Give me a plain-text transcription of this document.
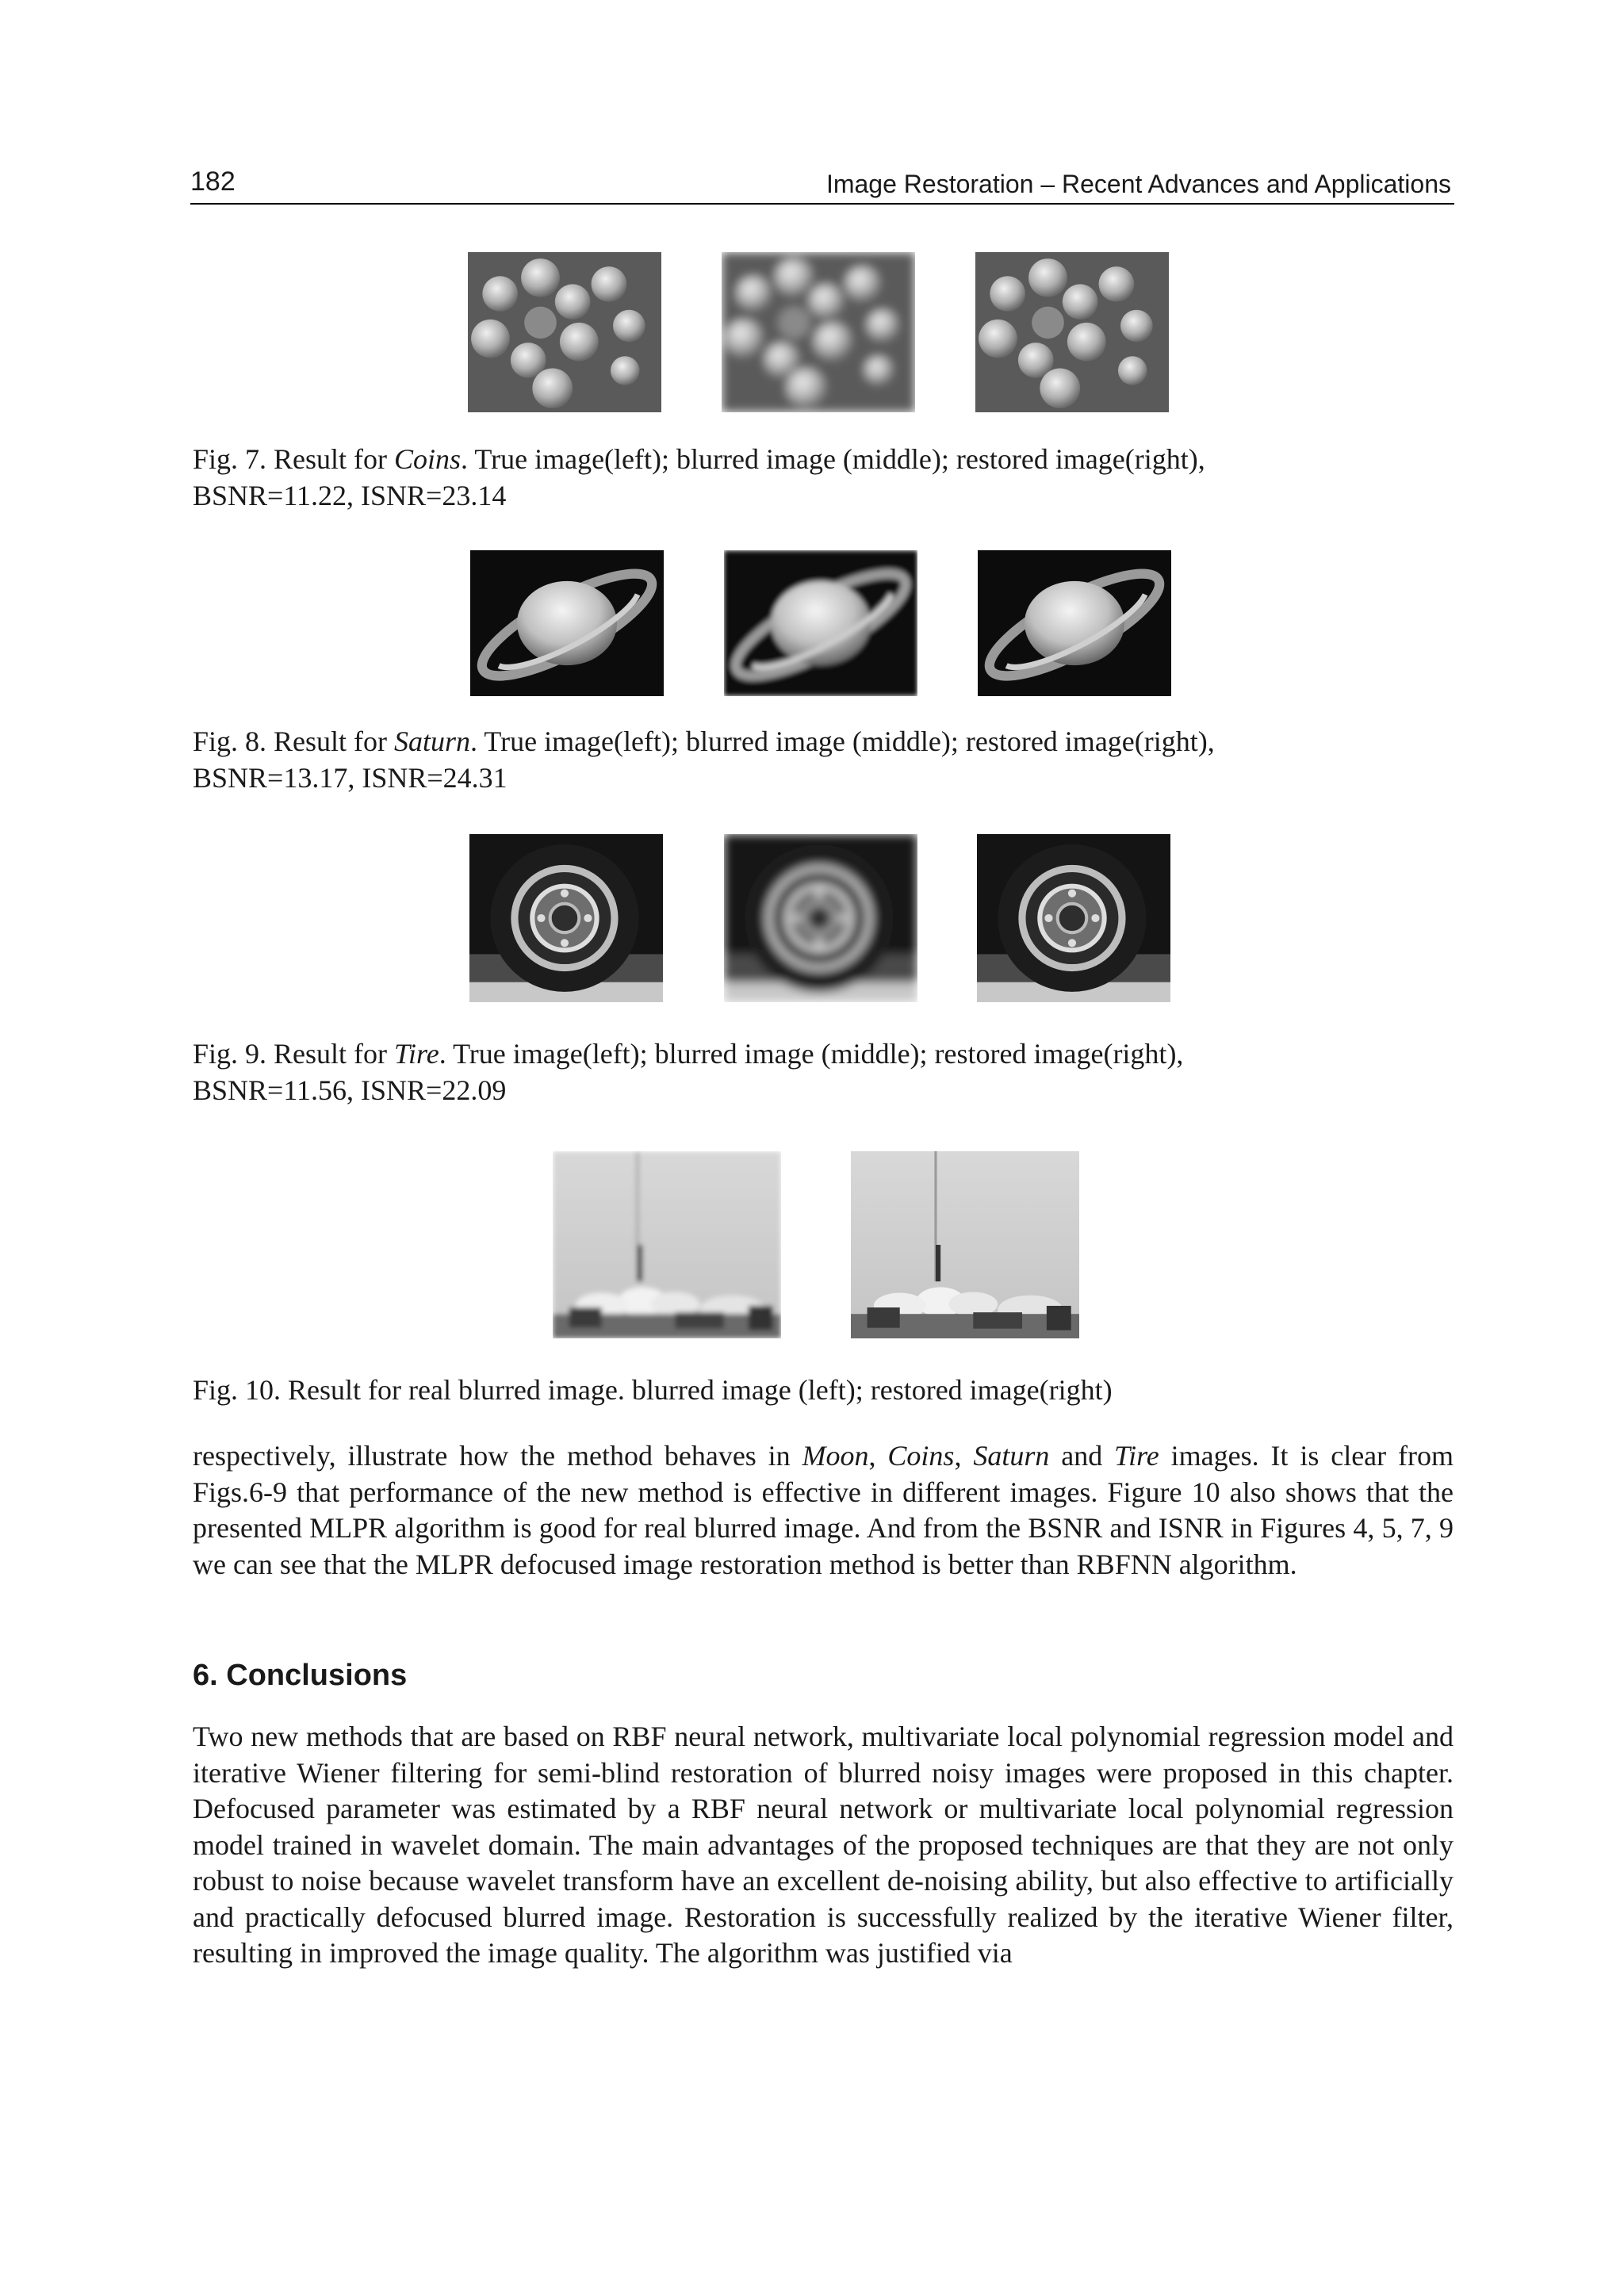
182	Image Restoration – Recent Advances and Applications
Fig. 7. Result for Coins. True image(left); blurred image (middle); restored image(right),
BSNR=11.22, ISNR=23.14
Fig. 8. Result for Saturn. True image(left); blurred image (middle); restored image(right),
BSNR=13.17, ISNR=24.31
Fig. 9. Result for Tire. True image(left); blurred image (middle); restored image(right),
BSNR=11.56, ISNR=22.09
Fig. 10. Result for real blurred image. blurred image (left); restored image(right)
respectively, illustrate how the method behaves in Moon, Coins, Saturn and Tire images. It is clear from Figs.6-9 that performance of the new method is effective in different images. Figure 10 also shows that the presented MLPR algorithm is good for real blurred image. And from the BSNR and ISNR in Figures 4, 5, 7, 9 we can see that the MLPR defocused image restoration method is better than RBFNN algorithm.
6. Conclusions
Two new methods that are based on RBF neural network, multivariate local polynomial regression model and iterative Wiener filtering for semi-blind restoration of blurred noisy images were proposed in this chapter. Defocused parameter was estimated by a RBF neural network or multivariate local polynomial regression model trained in wavelet domain. The main advantages of the proposed techniques are that they are not only robust to noise because wavelet transform have an excellent de-noising ability, but also effective to artificially and practically defocused blurred image. Restoration is successfully realized by the iterative Wiener filter, resulting in improved the image quality. The algorithm was justified via
